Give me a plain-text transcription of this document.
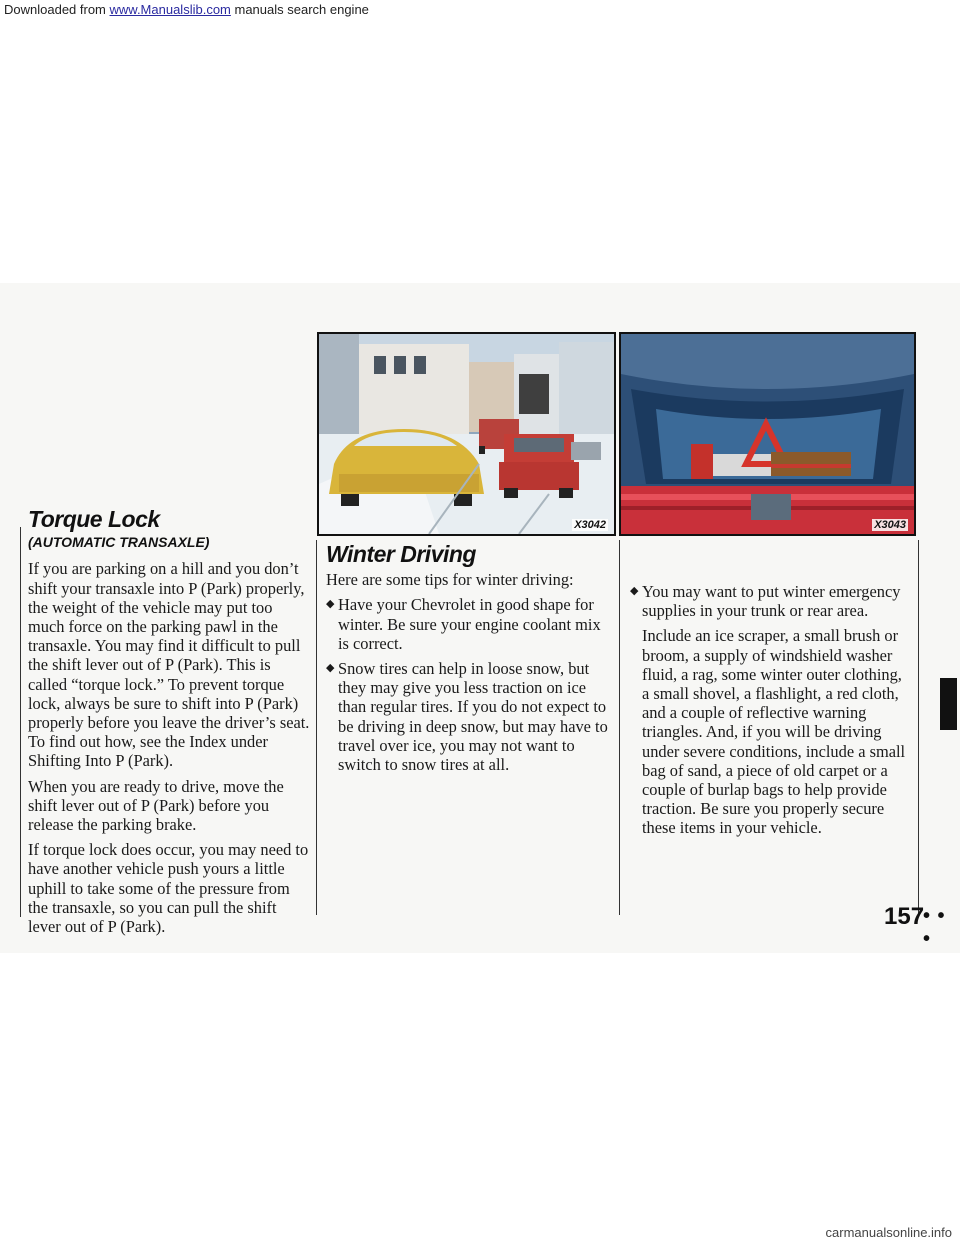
Downloaded from www.Manualslib.com manuals search engine
X3042	X3043
Torque Lock
(AUTOMATIC TRANSAXLE)

If you are parking on a hill and you don’t shift your transaxle into P (Park) properly, the weight of the vehicle may put too much force on the parking pawl in the transaxle. You may find it difficult to pull the shift lever out of P (Park). This is called “torque lock.” To prevent torque lock, always be sure to shift into P (Park) properly before you leave the driver’s seat. To find out how, see the Index under Shifting Into P (Park).

When you are ready to drive, move the shift lever out of P (Park) before you release the parking brake.

If torque lock does occur, you may need to have another vehicle push yours a little uphill to take some of the pressure from the transaxle, so you can pull the shift lever out of P (Park).

Winter Driving

Here are some tips for winter driving:

◆ Have your Chevrolet in good shape for winter. Be sure your engine coolant mix is correct.
◆ Snow tires can help in loose snow, but they may give you less traction on ice than regular tires. If you do not expect to be driving in deep snow, but may have to travel over ice, you may not want to switch to snow tires at all.
◆ You may want to put winter emergency supplies in your trunk or rear area.

Include an ice scraper, a small brush or broom, a supply of windshield washer fluid, a rag, some winter outer clothing, a small shovel, a flashlight, a red cloth, and a couple of reflective warning triangles. And, if you will be driving under severe conditions, include a small bag of sand, a piece of old carpet or a couple of burlap bags to help provide traction. Be sure you properly secure these items in your vehicle.

157
• • •
carmanualsonline.info
